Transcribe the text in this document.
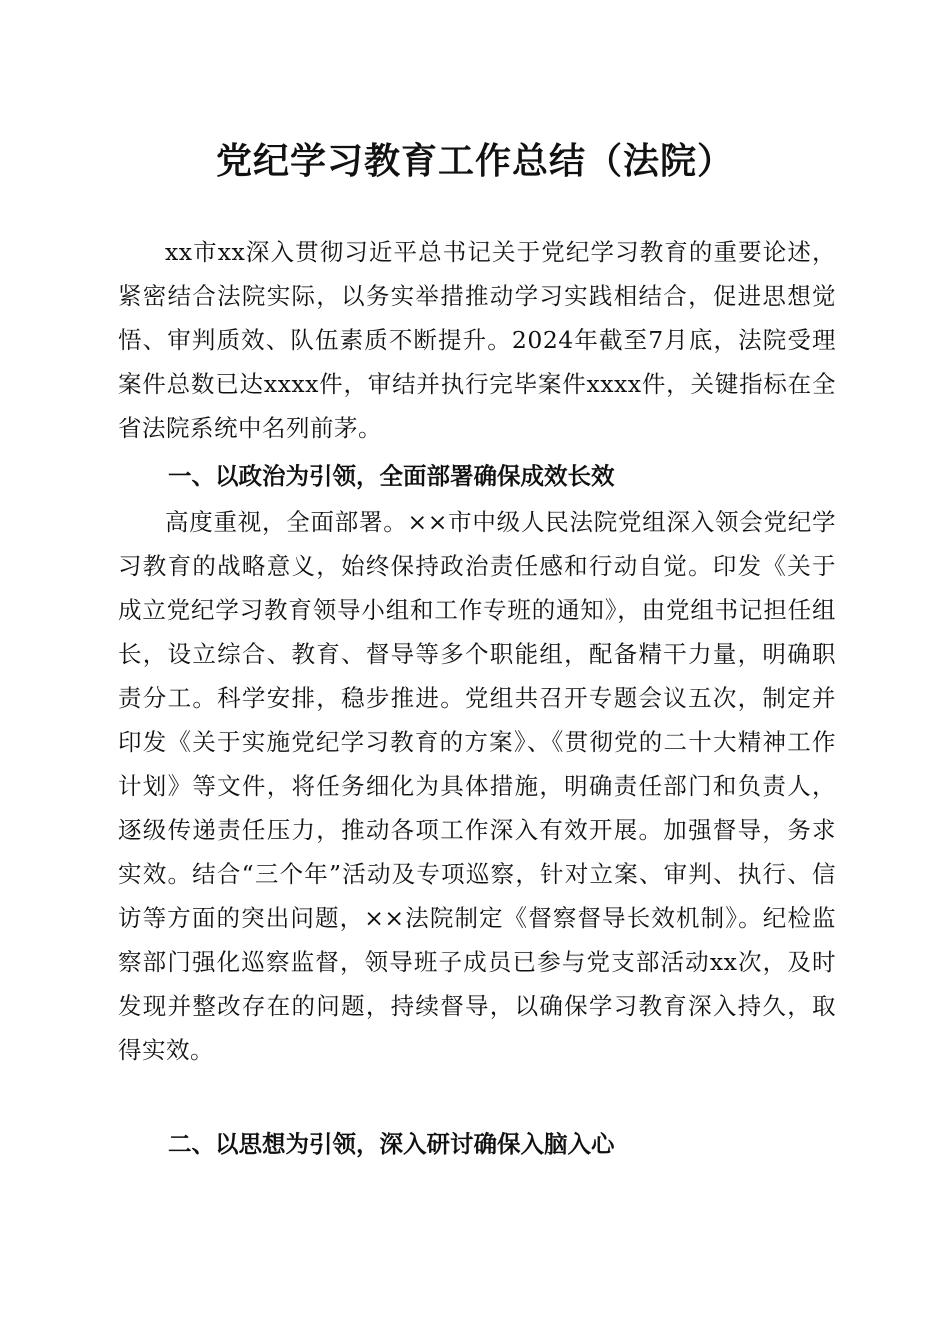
党纪学习教育工作总结（法院）

xx市xx深入贯彻习近平总书记关于党纪学习教育的重要论述，紧密结合法院实际，以务实举措推动学习实践相结合，促进思想觉悟、审判质效、队伍素质不断提升。2024年截至7月底，法院受理案件总数已达xxxx件，审结并执行完毕案件xxxx件，关键指标在全省法院系统中名列前茅。

一、以政治为引领，全面部署确保成效长效

高度重视，全面部署。××市中级人民法院党组深入领会党纪学习教育的战略意义，始终保持政治责任感和行动自觉。印发《关于成立党纪学习教育领导小组和工作专班的通知》，由党组书记担任组长，设立综合、教育、督导等多个职能组，配备精干力量，明确职责分工。科学安排，稳步推进。党组共召开专题会议五次，制定并印发《关于实施党纪学习教育的方案》、《贯彻党的二十大精神工作计划》等文件，将任务细化为具体措施，明确责任部门和负责人，逐级传递责任压力，推动各项工作深入有效开展。加强督导，务求实效。结合“三个年”活动及专项巡察，针对立案、审判、执行、信访等方面的突出问题，××法院制定《督察督导长效机制》。纪检监察部门强化巡察监督，领导班子成员已参与党支部活动xx次，及时发现并整改存在的问题，持续督导，以确保学习教育深入持久，取得实效。

二、以思想为引领，深入研讨确保入脑入心
